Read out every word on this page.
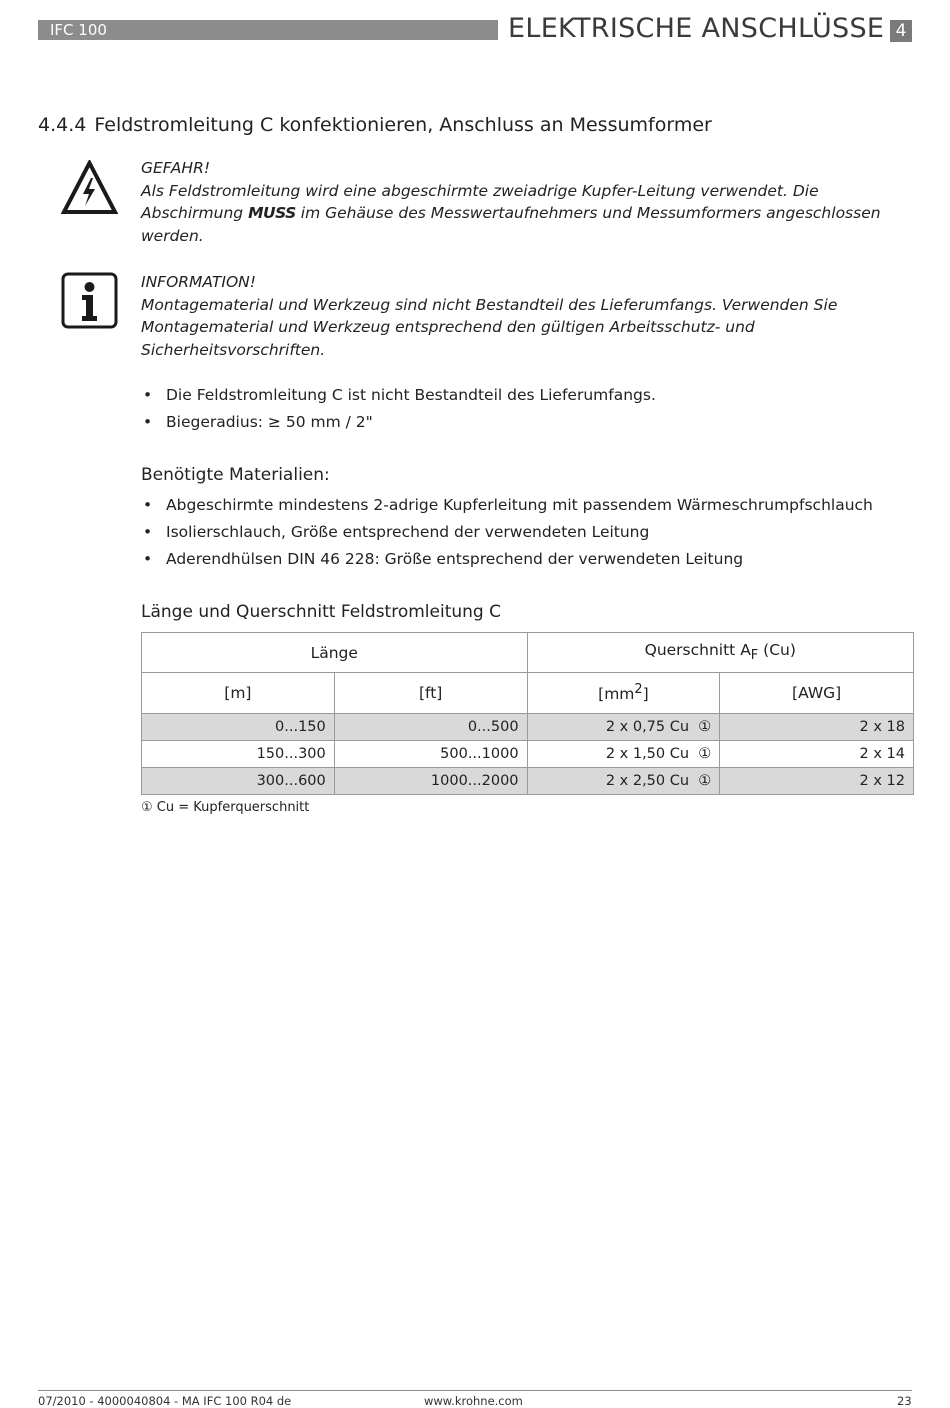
IFC 100	ELEKTRISCHE ANSCHLÜSSE 4
4.4.4 Feldstromleitung C konfektionieren, Anschluss an Messumformer

GEFAHR!

Als Feldstromleitung wird eine abgeschirmte zweiadrige Kupfer-Leitung verwendet. Die Abschirmung MUSS im Gehäuse des Messwertaufnehmers und Messumformers angeschlossen werden.

INFORMATION!

Montagematerial und Werkzeug sind nicht Bestandteil des Lieferumfangs. Verwenden Sie Montagematerial und Werkzeug entsprechend den gültigen Arbeitsschutz- und Sicherheitsvorschriften.

• Die Feldstromleitung C ist nicht Bestandteil des Lieferumfangs.
• Biegeradius: ≥ 50 mm / 2"
Benötigte Materialien:
• Abgeschirmte mindestens 2-adrige Kupferleitung mit passendem Wärmeschrumpfschlauch
• Isolierschlauch, Größe entsprechend der verwendeten Leitung
• Aderendhülsen DIN 46 228: Größe entsprechend der verwendeten Leitung
Länge und Querschnitt Feldstromleitung C
Länge		Querschnitt $A_F$ (Cu)	
[m]	[ft]	$[mm^2]$	[AWG]
0...150	0...500	2 x 0,75 Cu ①	2 x 18
150...300	500...1000	2 x 1,50 Cu ①	2 x 14
300...600	1000...2000	2 x 2,50 Cu ①	2 x 12
① Cu = Kupferquerschnitt
07/2010 - 4000040804 - MA IFC 100 R04 de	www.krohne.com	23
